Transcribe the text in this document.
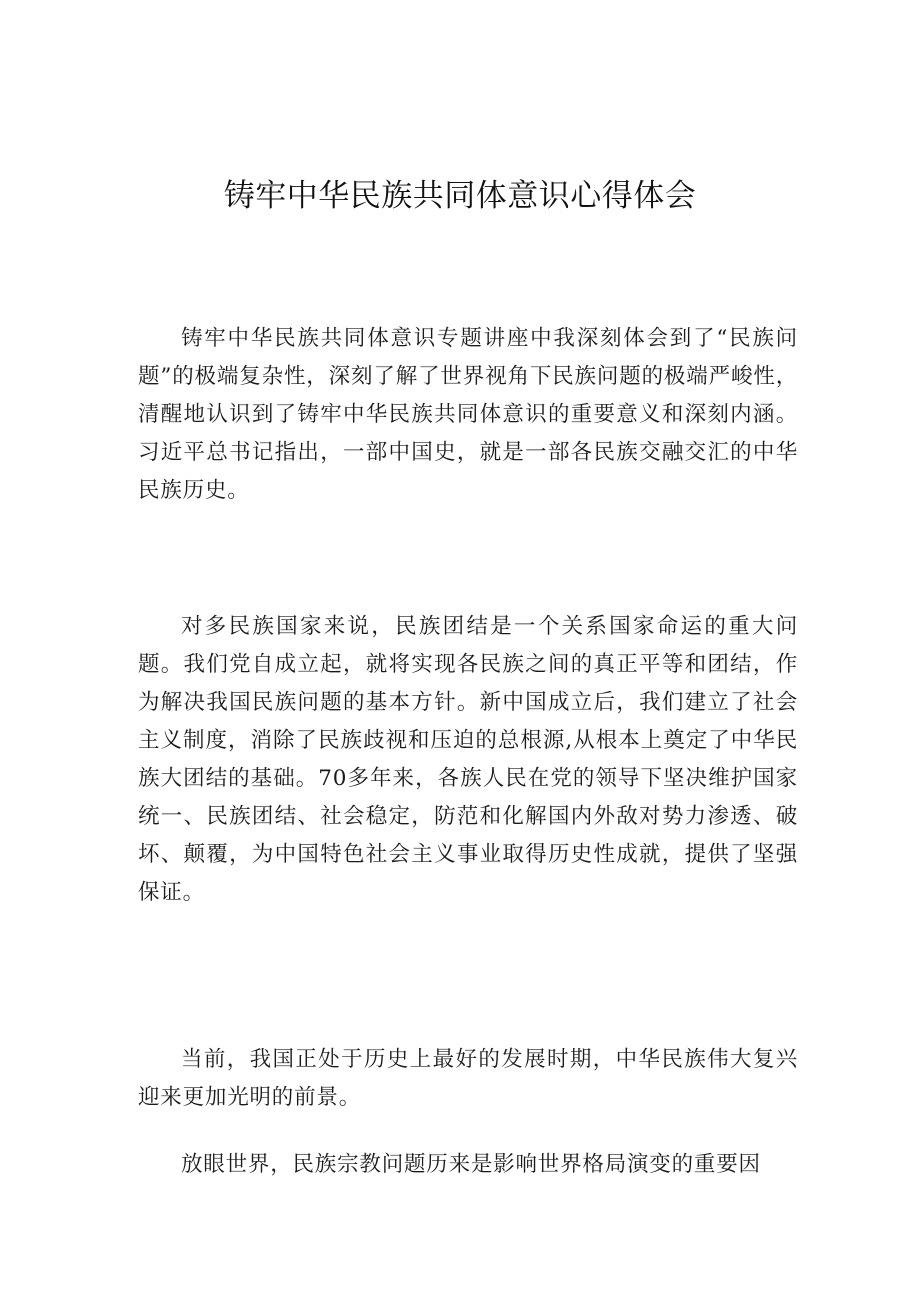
铸牢中华民族共同体意识心得体会

铸牢中华民族共同体意识专题讲座中我深刻体会到了“民族问题”的极端复杂性，深刻了解了世界视角下民族问题的极端严峻性，清醒地认识到了铸牢中华民族共同体意识的重要意义和深刻内涵。习近平总书记指出，一部中国史，就是一部各民族交融交汇的中华民族历史。

对多民族国家来说，民族团结是一个关系国家命运的重大问题。我们党自成立起，就将实现各民族之间的真正平等和团结，作为解决我国民族问题的基本方针。新中国成立后，我们建立了社会主义制度，消除了民族歧视和压迫的总根源,从根本上奠定了中华民族大团结的基础。70多年来，各族人民在党的领导下坚决维护国家统一、民族团结、社会稳定，防范和化解国内外敌对势力渗透、破坏、颠覆，为中国特色社会主义事业取得历史性成就，提供了坚强保证。

当前，我国正处于历史上最好的发展时期，中华民族伟大复兴迎来更加光明的前景。

放眼世界，民族宗教问题历来是影响世界格局演变的重要因
